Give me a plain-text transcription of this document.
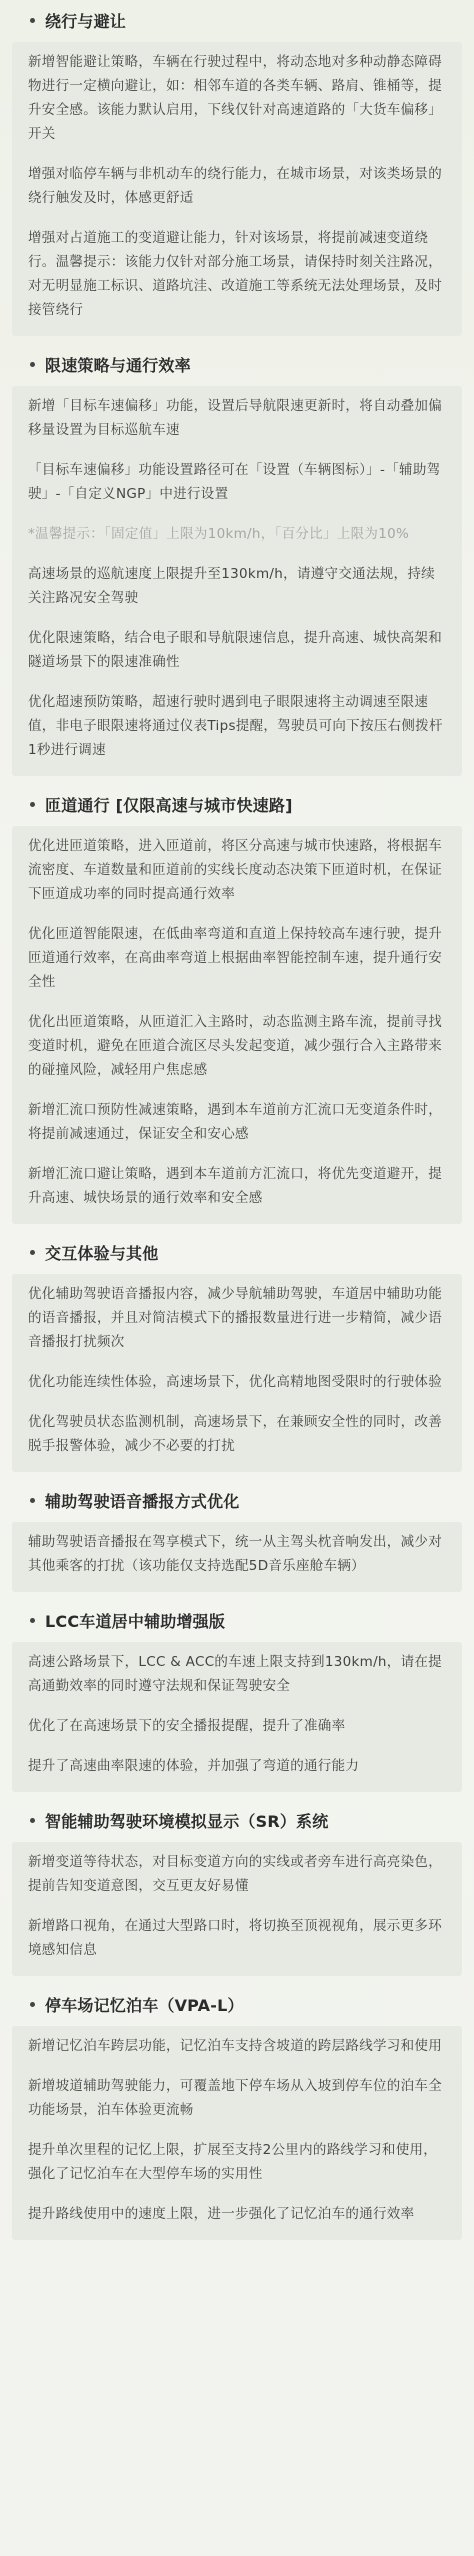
绕行与避让

新增智能避让策略，车辆在行驶过程中，将动态地对多种动静态障碍物进行一定横向避让，如：相邻车道的各类车辆、路肩、锥桶等，提升安全感。该能力默认启用，下线仅针对高速道路的「大货车偏移」开关

增强对临停车辆与非机动车的绕行能力，在城市场景，对该类场景的绕行触发及时，体感更舒适

增强对占道施工的变道避让能力，针对该场景，将提前减速变道绕行。温馨提示：该能力仅针对部分施工场景，请保持时刻关注路况，对无明显施工标识、道路坑洼、改道施工等系统无法处理场景，及时接管绕行

限速策略与通行效率

新增「目标车速偏移」功能，设置后导航限速更新时，将自动叠加偏移量设置为目标巡航车速

「目标车速偏移」功能设置路径可在「设置（车辆图标）」-「辅助驾驶」-「自定义NGP」中进行设置

*温馨提示：「固定值」上限为10km/h，「百分比」上限为10%

高速场景的巡航速度上限提升至130km/h，请遵守交通法规，持续关注路况安全驾驶

优化限速策略，结合电子眼和导航限速信息，提升高速、城快高架和隧道场景下的限速准确性

优化超速预防策略，超速行驶时遇到电子眼限速将主动调速至限速值，非电子眼限速将通过仪表Tips提醒，驾驶员可向下按压右侧拨杆1秒进行调速

匝道通行 [仅限高速与城市快速路]

优化进匝道策略，进入匝道前，将区分高速与城市快速路，将根据车流密度、车道数量和匝道前的实线长度动态决策下匝道时机，在保证下匝道成功率的同时提高通行效率

优化匝道智能限速，在低曲率弯道和直道上保持较高车速行驶，提升匝道通行效率，在高曲率弯道上根据曲率智能控制车速，提升通行安全性

优化出匝道策略，从匝道汇入主路时，动态监测主路车流，提前寻找变道时机，避免在匝道合流区尽头发起变道，减少强行合入主路带来的碰撞风险，减轻用户焦虑感

新增汇流口预防性减速策略，遇到本车道前方汇流口无变道条件时，将提前减速通过，保证安全和安心感

新增汇流口避让策略，遇到本车道前方汇流口，将优先变道避开，提升高速、城快场景的通行效率和安全感

交互体验与其他

优化辅助驾驶语音播报内容，减少导航辅助驾驶，车道居中辅助功能的语音播报，并且对简洁模式下的播报数量进行进一步精简，减少语音播报打扰频次

优化功能连续性体验，高速场景下，优化高精地图受限时的行驶体验

优化驾驶员状态监测机制，高速场景下，在兼顾安全性的同时，改善脱手报警体验，减少不必要的打扰

辅助驾驶语音播报方式优化

辅助驾驶语音播报在驾享模式下，统一从主驾头枕音响发出，减少对其他乘客的打扰（该功能仅支持选配5D音乐座舱车辆）

LCC车道居中辅助增强版

高速公路场景下，LCC & ACC的车速上限支持到130km/h，请在提高通勤效率的同时遵守法规和保证驾驶安全

优化了在高速场景下的安全播报提醒，提升了准确率

提升了高速曲率限速的体验，并加强了弯道的通行能力

智能辅助驾驶环境模拟显示（SR）系统

新增变道等待状态，对目标变道方向的实线或者旁车进行高亮染色，提前告知变道意图，交互更友好易懂

新增路口视角，在通过大型路口时，将切换至顶视视角，展示更多环境感知信息

停车场记忆泊车（VPA-L）

新增记忆泊车跨层功能，记忆泊车支持含坡道的跨层路线学习和使用

新增坡道辅助驾驶能力，可覆盖地下停车场从入坡到停车位的泊车全功能场景，泊车体验更流畅

提升单次里程的记忆上限，扩展至支持2公里内的路线学习和使用，强化了记忆泊车在大型停车场的实用性

提升路线使用中的速度上限，进一步强化了记忆泊车的通行效率
